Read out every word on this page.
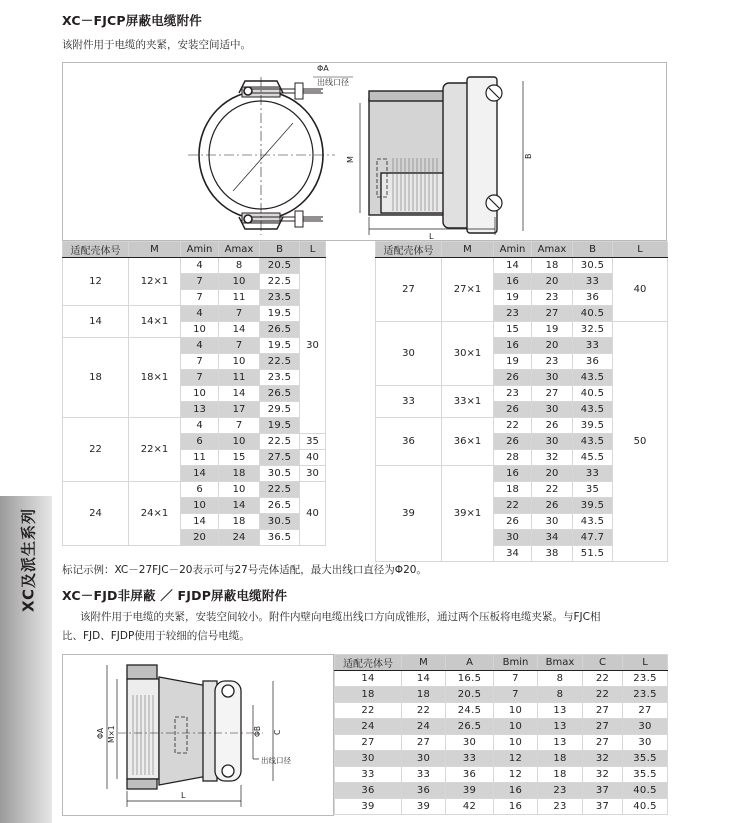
XC－FJCP屏蔽电缆附件
该附件用于电缆的夹紧，安装空间适中。
ΦA
出线口径
M	B
L
适配壳体号	M	Amin	Amax	B	L
12	12×1	4	8	20.5	30
		7	10	22.5	
		7	11	23.5	
14	14×1	4	7	19.5	
		10	14	26.5	
18	18×1	4	7	19.5	
		7	10	22.5	
		7	11	23.5	
		10	14	26.5	
		13	17	29.5	
22	22×1	4	7	19.5	
		6	10	22.5	35
		11	15	27.5	40
		14	18	30.5	30
24	24×1	6	10	22.5	40
		10	14	26.5	
		14	18	30.5	
		20	24	36.5	
适配壳体号	M	Amin	Amax	B	L
27	27×1	14	18	30.5	40
		16	20	33	
		19	23	36	
		23	27	40.5	
30	30×1	15	19	32.5	50
		16	20	33	
		19	23	36	
		26	30	43.5	
33	33×1	23	27	40.5	
		26	30	43.5	
36	36×1	22	26	39.5	
		26	30	43.5	
		28	32	45.5	
39	39×1	16	20	33	
		18	22	35	
		22	26	39.5	
		26	30	43.5	
		30	34	47.7	
		34	38	51.5	
标记示例：XC－27FJC－20表示可与27号壳体适配，最大出线口直径为Φ20。
XC及派生系列 XC－FJD非屏蔽 ／ FJDP屏蔽电缆附件
该附件用于电缆的夹紧，安装空间较小。附件内壁向电缆出线口方向成锥形，通过两个压板将电缆夹紧。与FJC相
比、FJD、FJDP使用于较细的信号电缆。
ΦA M×1	ΦB C
出线口径
L
适配壳体号	M	A	Bmin	Bmax	C	L
14	14	16.5	7	8	22	23.5
18	18	20.5	7	8	22	23.5
22	22	24.5	10	13	27	27
24	24	26.5	10	13	27	30
27	27	30	10	13	27	30
30	30	33	12	18	32	35.5
33	33	36	12	18	32	35.5
36	36	39	16	23	37	40.5
39	39	42	16	23	37	40.5
